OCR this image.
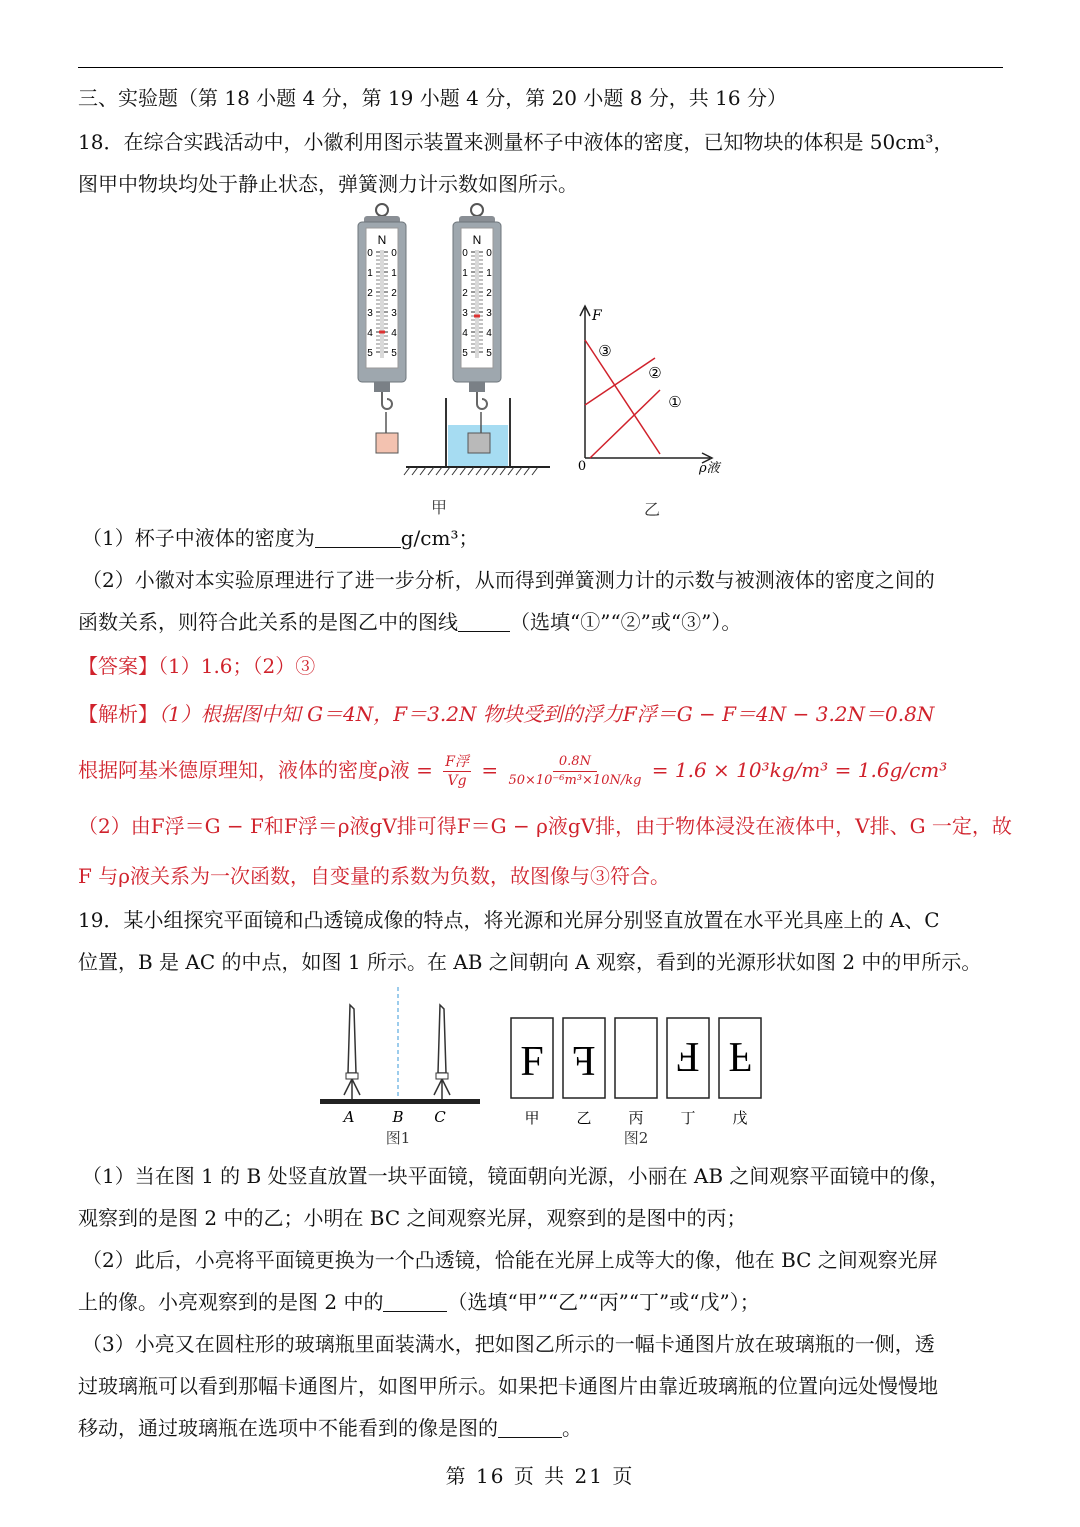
三、实验题（第 18 小题 4 分，第 19 小题 4 分，第 20 小题 8 分，共 16 分）
18．在综合实践活动中，小徽利用图示装置来测量杯子中液体的密度，已知物块的体积是 50cm³，
图甲中物块均处于静止状态，弹簧测力计示数如图所示。
N
0 0
1 1
2 2
3 3
4 4
5 5
N
0 0
1 1
2 2
3 3
4 4
5 5
F
ρ液
0
③
②
①
甲	乙
（1）杯子中液体的密度为	g/cm³；
（2）小徽对本实验原理进行了进一步分析，从而得到弹簧测力计的示数与被测液体的密度之间的
函数关系，则符合此关系的是图乙中的图线	（选填“①”“②”或“③”）。
【答案】（1）1.6；（2）③
【解析】（1）根据图中知 G＝4N，F＝3.2N 物块受到的浮力F浮＝G − F＝4N − 3.2N＝0.8N
根据阿基米德原理知，液体的密度ρ液 = F浮
$Vg = \frac{0.8N}{\text{50×10⁻⁶m³×10N/kg}} = 1.6 \times 10^3kg/m^3 = 1.6g/cm^3$
（2）由F浮＝G − F和F浮＝ρ液gV排可得F＝G − ρ液gV排，由于物体浸没在液体中，V排、G 一定，故
F 与ρ液关系为一次函数，自变量的系数为负数，故图像与③符合。
19．某小组探究平面镜和凸透镜成像的特点，将光源和光屏分别竖直放置在水平光具座上的 A、C
位置，B 是 AC 的中点，如图 1 所示。在 AB 之间朝向 A 观察，看到的光源形状如图 2 中的甲所示。
A	B C
图1
F
甲
F
乙 丙
F
丁
F
戊
图2
（1）当在图 1 的 B 处竖直放置一块平面镜，镜面朝向光源，小丽在 AB 之间观察平面镜中的像，
观察到的是图 2 中的乙；小明在 BC 之间观察光屏，观察到的是图中的丙；
（2）此后，小亮将平面镜更换为一个凸透镜，恰能在光屏上成等大的像，他在 BC 之间观察光屏
上的像。小亮观察到的是图 2 中的	（选填“甲”“乙”“丙”“丁”或“戊”）；
（3）小亮又在圆柱形的玻璃瓶里面装满水，把如图乙所示的一幅卡通图片放在玻璃瓶的一侧，透
过玻璃瓶可以看到那幅卡通图片，如图甲所示。如果把卡通图片由靠近玻璃瓶的位置向远处慢慢地
移动，通过玻璃瓶在选项中不能看到的像是图的	。
第 16 页 共 21 页
